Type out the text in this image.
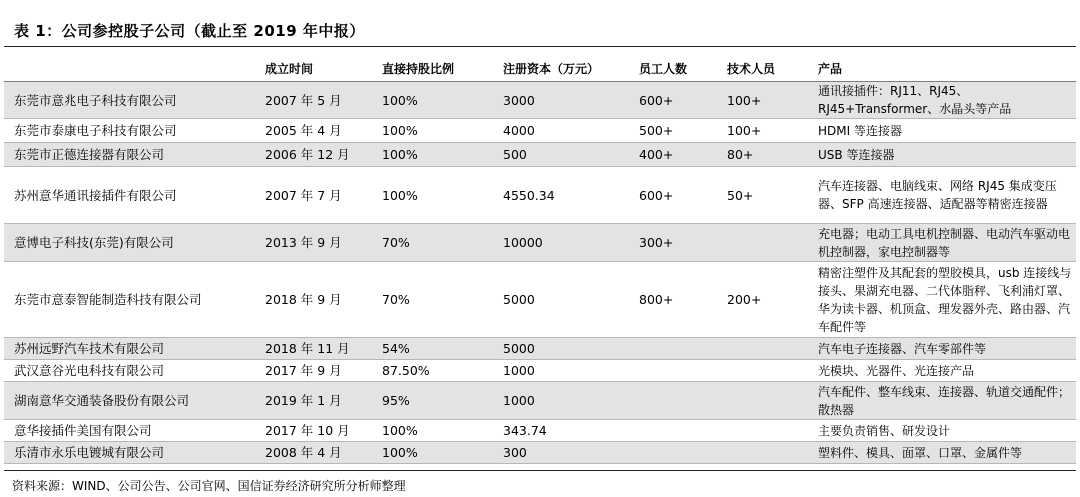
表 1：公司参控股子公司（截止至 2019 年中报）
	成立时间	直接持股比例	注册资本（万元）	员工人数	技术人员	产品
东莞市意兆电子科技有限公司	2007 年 5 月	100%	3000	600+	100+	通讯接插件：RJ11、RJ45、RJ45+Transformer、水晶头等产品
东莞市泰康电子科技有限公司	2005 年 4 月	100%	4000	500+	100+	HDMI 等连接器
东莞市正德连接器有限公司	2006 年 12 月	100%	500	400+	80+	USB 等连接器
苏州意华通讯接插件有限公司	2007 年 7 月	100%	4550.34	600+	50+	汽车连接器、电脑线束、网络 RJ45 集成变压器、SFP 高速连接器、适配器等精密连接器
意博电子科技(东莞)有限公司	2013 年 9 月	70%	10000	300+		充电器；电动工具电机控制器、电动汽车驱动电机控制器，家电控制器等
东莞市意泰智能制造科技有限公司	2018 年 9 月	70%	5000	800+	200+	精密注塑件及其配套的塑胶模具，usb 连接线与接头、果湖充电器、二代体脂秤、飞利浦灯罩、华为读卡器、机顶盒、理发器外壳、路由器、汽车配件等
苏州远野汽车技术有限公司	2018 年 11 月	54%	5000			汽车电子连接器、汽车零部件等
武汉意谷光电科技有限公司	2017 年 9 月	87.50%	1000			光模块、光器件、光连接产品
湖南意华交通装备股份有限公司	2019 年 1 月	95%	1000			汽车配件、整车线束、连接器、轨道交通配件；散热器
意华接插件美国有限公司	2017 年 10 月	100%	343.74			主要负责销售、研发设计
乐清市永乐电镀城有限公司	2008 年 4 月	100%	300			塑料件、模具、面罩、口罩、金属件等
资料来源：WIND、公司公告、公司官网、国信证券经济研究所分析师整理
